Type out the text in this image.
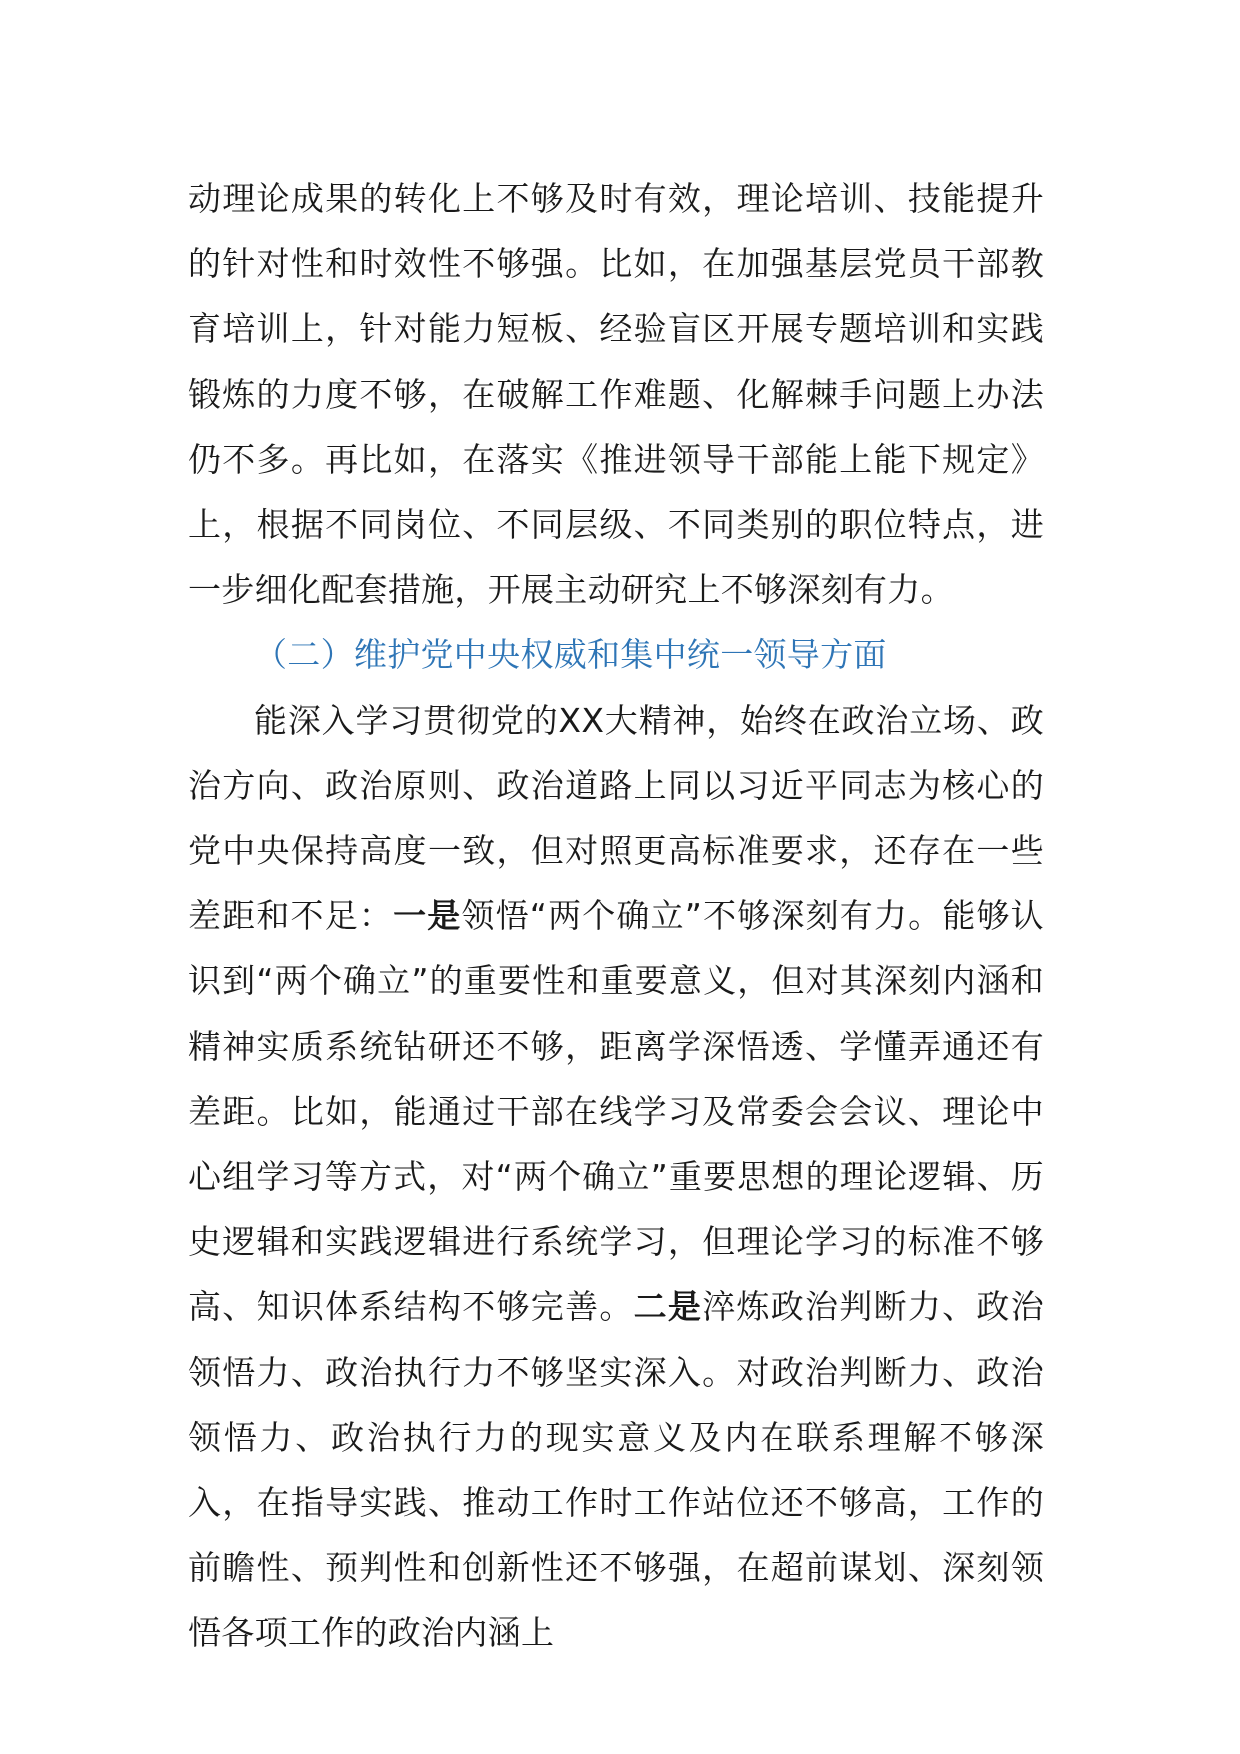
动理论成果的转化上不够及时有效，理论培训、技能提升的针对性和时效性不够强。比如，在加强基层党员干部教育培训上，针对能力短板、经验盲区开展专题培训和实践锻炼的力度不够，在破解工作难题、化解棘手问题上办法仍不多。再比如，在落实《推进领导干部能上能下规定》上，根据不同岗位、不同层级、不同类别的职位特点，进一步细化配套措施，开展主动研究上不够深刻有力。

（二）维护党中央权威和集中统一领导方面

能深入学习贯彻党的XX大精神，始终在政治立场、政治方向、政治原则、政治道路上同以习近平同志为核心的党中央保持高度一致，但对照更高标准要求，还存在一些差距和不足：一是领悟“两个确立”不够深刻有力。能够认识到“两个确立”的重要性和重要意义，但对其深刻内涵和精神实质系统钻研还不够，距离学深悟透、学懂弄通还有差距。比如，能通过干部在线学习及常委会会议、理论中心组学习等方式，对“两个确立”重要思想的理论逻辑、历史逻辑和实践逻辑进行系统学习，但理论学习的标准不够高、知识体系结构不够完善。二是淬炼政治判断力、政治领悟力、政治执行力不够坚实深入。对政治判断力、政治领悟力、政治执行力的现实意义及内在联系理解不够深入，在指导实践、推动工作时工作站位还不够高，工作的前瞻性、预判性和创新性还不够强，在超前谋划、深刻领悟各项工作的政治内涵上
